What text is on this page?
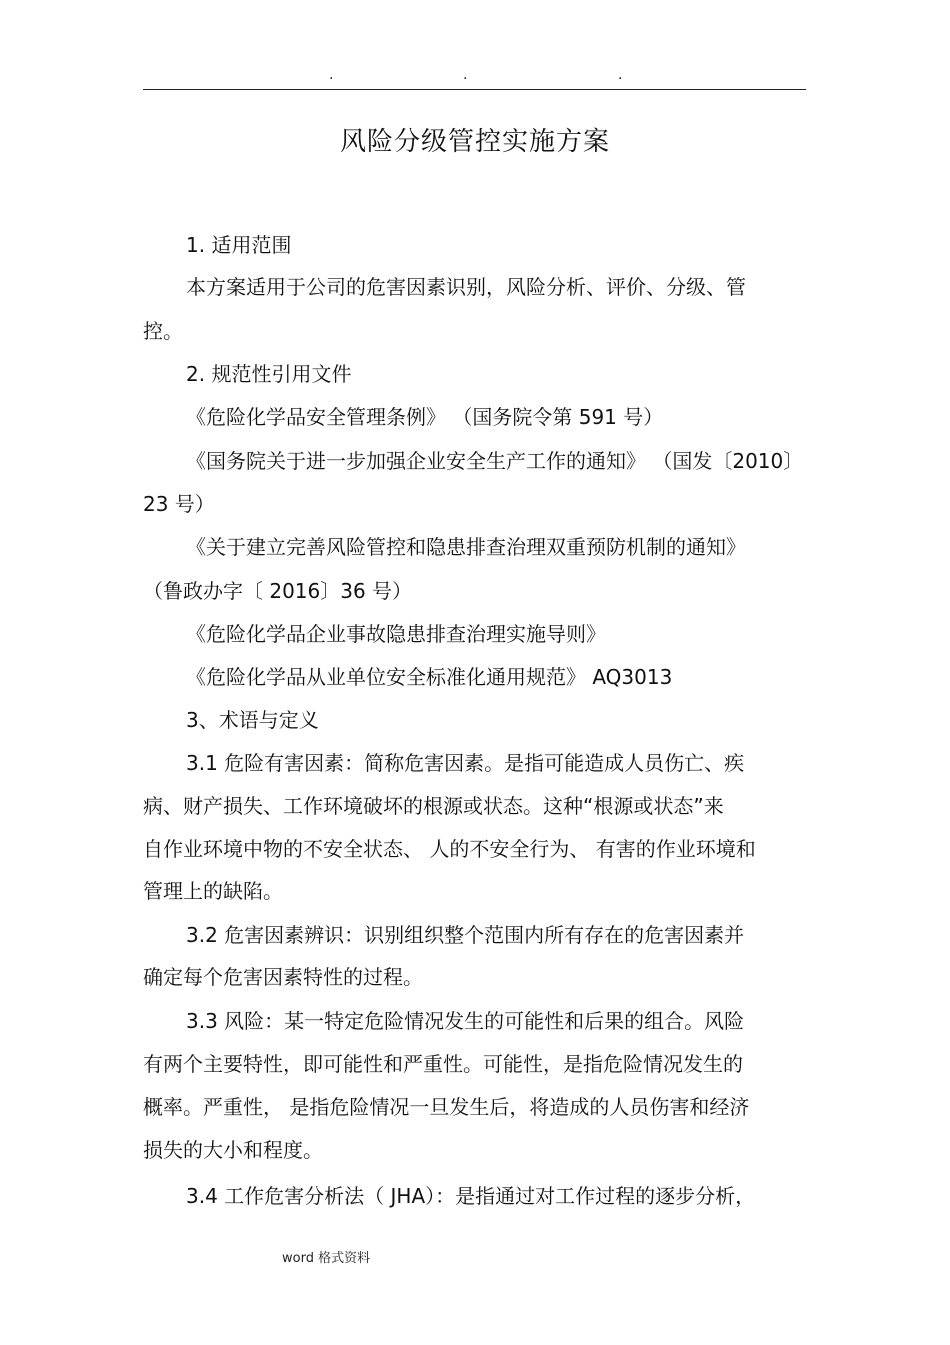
.	.	.
风险分级管控实施方案
1. 适用范围
本方案适用于公司的危害因素识别，风险分析、评价、分级、管
控。
2. 规范性引用文件
《危险化学品安全管理条例》 （国务院令第 591 号）
《国务院关于进一步加强企业安全生产工作的通知》 （国发〔2010〕
23 号）
《关于建立完善风险管控和隐患排查治理双重预防机制的通知》
（鲁政办字〔 2016〕36 号）
《危险化学品企业事故隐患排查治理实施导则》
《危险化学品从业单位安全标准化通用规范》 AQ3013
3、术语与定义
3.1 危险有害因素：简称危害因素。是指可能造成人员伤亡、疾
病、财产损失、工作环境破坏的根源或状态。这种“根源或状态”来
自作业环境中物的不安全状态、 人的不安全行为、 有害的作业环境和
管理上的缺陷。
3.2 危害因素辨识：识别组织整个范围内所有存在的危害因素并
确定每个危害因素特性的过程。
3.3 风险：某一特定危险情况发生的可能性和后果的组合。风险
有两个主要特性，即可能性和严重性。可能性，是指危险情况发生的
概率。严重性， 是指危险情况一旦发生后，将造成的人员伤害和经济
损失的大小和程度。
3.4 工作危害分析法（ JHA）：是指通过对工作过程的逐步分析，
word 格式资料
